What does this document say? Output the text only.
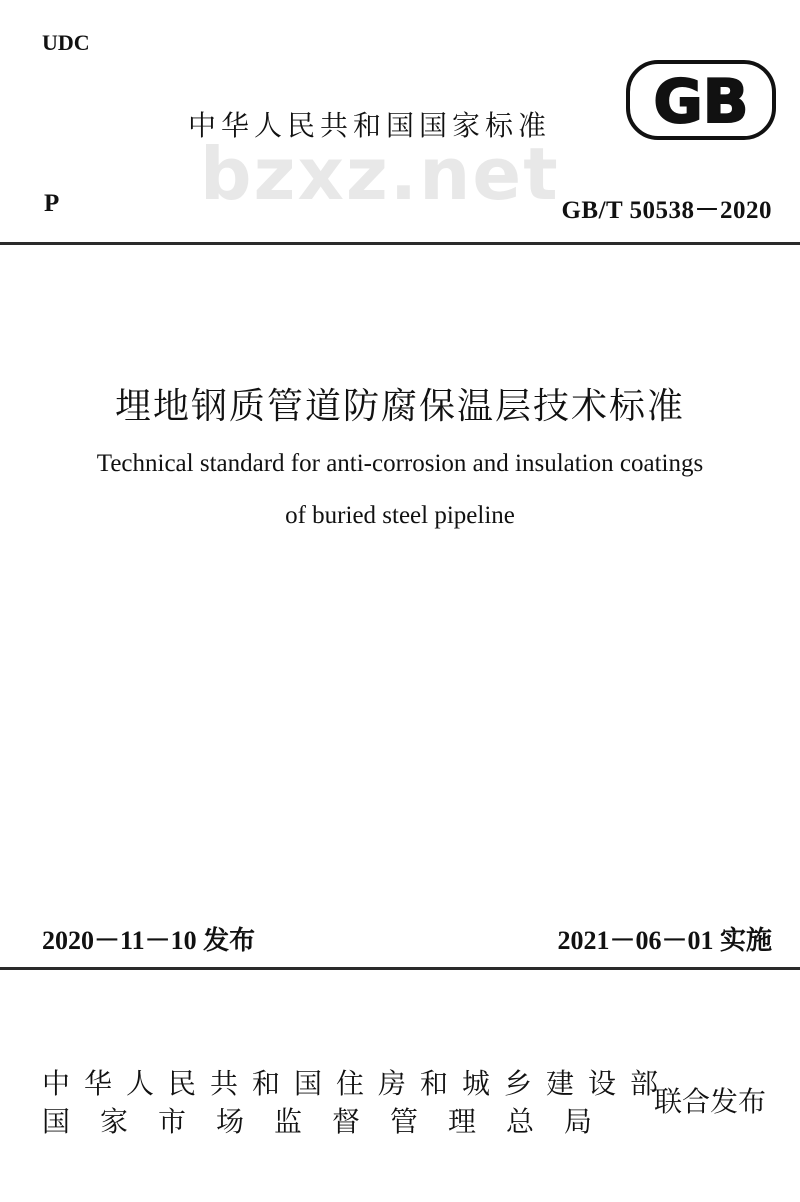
UDC
中华人民共和国国家标准 GB
bzxz.net
P	GB/T 50538－2020
埋地钢质管道防腐保温层技术标准
Technical standard for anti-corrosion and insulation coatings
of buried steel pipeline
2020－11－10 发布	2021－06－01 实施
中华人民共和国住房和城乡建设部
国家市场监督管理总局
联合发布
